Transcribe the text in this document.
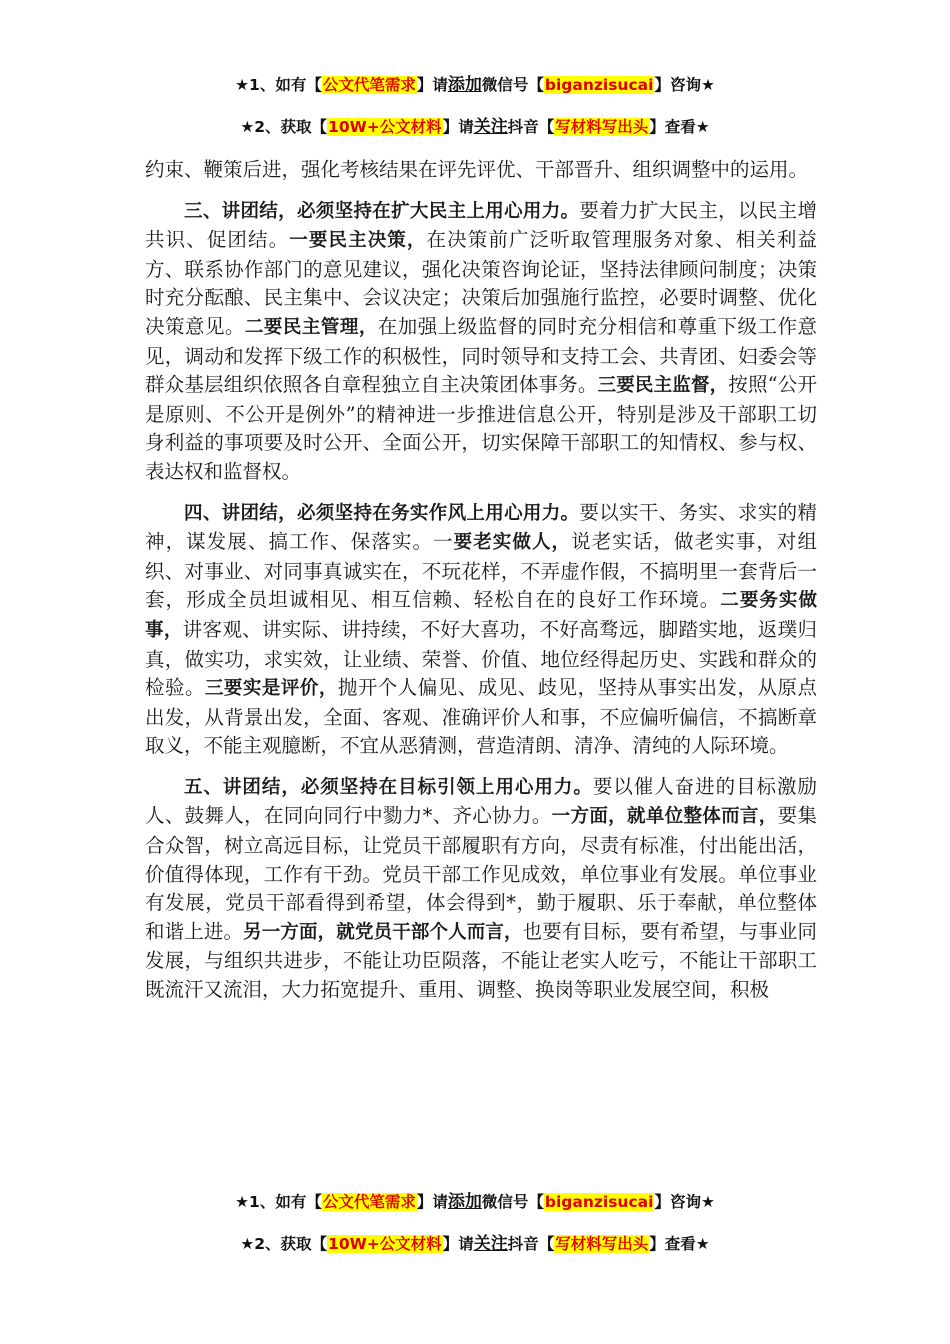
★1、如有【公文代笔需求】请添加微信号【biganzisucai】咨询★
★2、获取【10W+公文材料】请关注抖音【写材料写出头】查看★

约束、鞭策后进，强化考核结果在评先评优、干部晋升、组织调整中的运用。

三、讲团结，必须坚持在扩大民主上用心用力。要着力扩大民主，以民主增共识、促团结。一要民主决策，在决策前广泛听取管理服务对象、相关利益方、联系协作部门的意见建议，强化决策咨询论证，坚持法律顾问制度；决策时充分酝酿、民主集中、会议决定；决策后加强施行监控，必要时调整、优化决策意见。二要民主管理，在加强上级监督的同时充分相信和尊重下级工作意见，调动和发挥下级工作的积极性，同时领导和支持工会、共青团、妇委会等群众基层组织依照各自章程独立自主决策团体事务。三要民主监督，按照“公开是原则、不公开是例外”的精神进一步推进信息公开，特别是涉及干部职工切身利益的事项要及时公开、全面公开，切实保障干部职工的知情权、参与权、表达权和监督权。

四、讲团结，必须坚持在务实作风上用心用力。要以实干、务实、求实的精神，谋发展、搞工作、保落实。一要老实做人，说老实话，做老实事，对组织、对事业、对同事真诚实在，不玩花样，不弄虚作假，不搞明里一套背后一套，形成全员坦诚相见、相互信赖、轻松自在的良好工作环境。二要务实做事，讲客观、讲实际、讲持续，不好大喜功，不好高骛远，脚踏实地，返璞归真，做实功，求实效，让业绩、荣誉、价值、地位经得起历史、实践和群众的检验。三要实是评价，抛开个人偏见、成见、歧见，坚持从事实出发，从原点出发，从背景出发，全面、客观、准确评价人和事，不应偏听偏信，不搞断章取义，不能主观臆断，不宜从恶猜测，营造清朗、清净、清纯的人际环境。

五、讲团结，必须坚持在目标引领上用心用力。要以催人奋进的目标激励人、鼓舞人，在同向同行中勠力*、齐心协力。一方面，就单位整体而言，要集合众智，树立高远目标，让党员干部履职有方向，尽责有标准，付出能出活，价值得体现，工作有干劲。党员干部工作见成效，单位事业有发展。单位事业有发展，党员干部看得到希望，体会得到*，勤于履职、乐于奉献，单位整体和谐上进。另一方面，就党员干部个人而言，也要有目标，要有希望，与事业同发展，与组织共进步，不能让功臣陨落，不能让老实人吃亏，不能让干部职工既流汗又流泪，大力拓宽提升、重用、调整、换岗等职业发展空间，积极

★1、如有【公文代笔需求】请添加微信号【biganzisucai】咨询★
★2、获取【10W+公文材料】请关注抖音【写材料写出头】查看★
